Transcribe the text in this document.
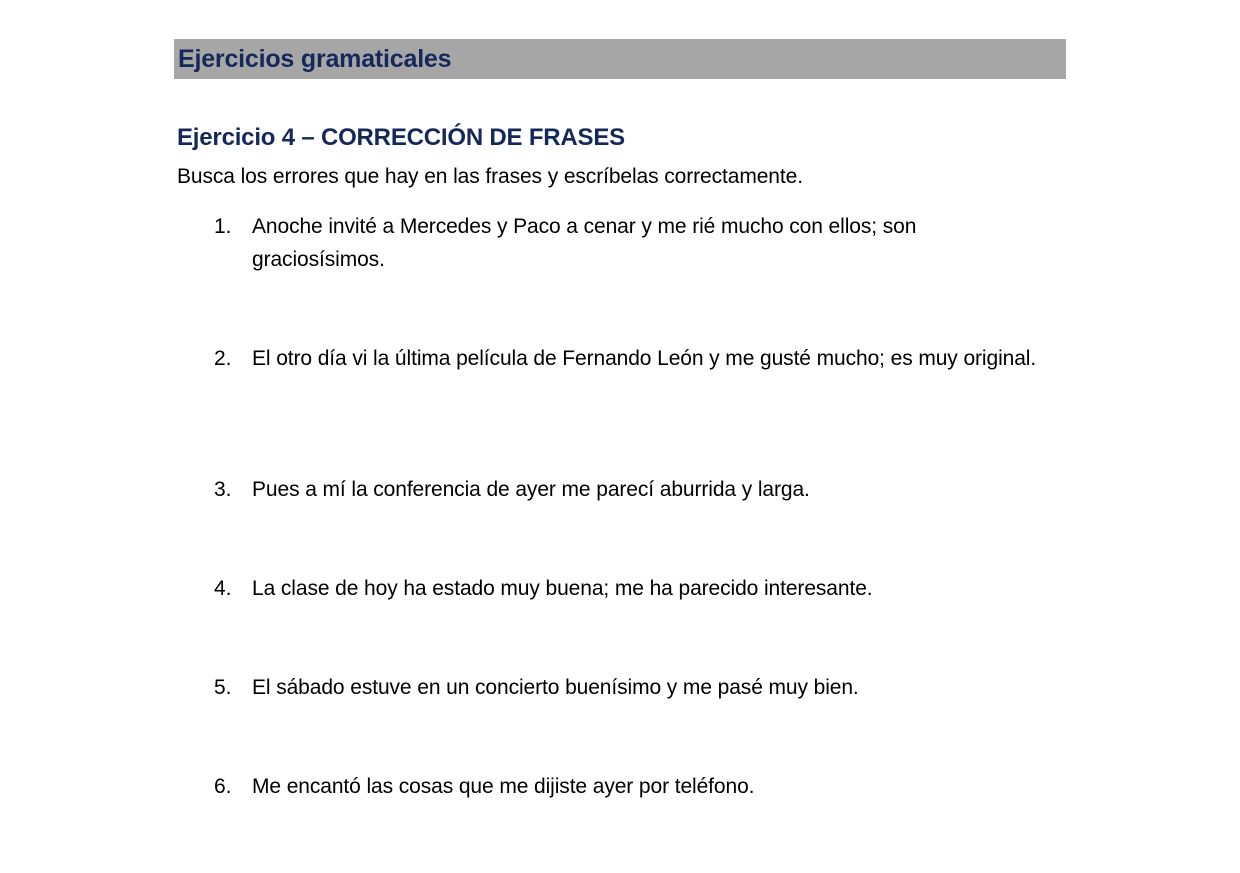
Ejercicios gramaticales
Ejercicio 4 – CORRECCIÓN DE FRASES

Busca los errores que hay en las frases y escríbelas correctamente.

1. Anoche invité a Mercedes y Paco a cenar y me rié mucho con ellos; son graciosísimos.
2. El otro día vi la última película de Fernando León y me gusté mucho; es muy original.
3. Pues a mí la conferencia de ayer me parecí aburrida y larga.
4. La clase de hoy ha estado muy buena; me ha parecido interesante.
5. El sábado estuve en un concierto buenísimo y me pasé muy bien.
6. Me encantó las cosas que me dijiste ayer por teléfono.
